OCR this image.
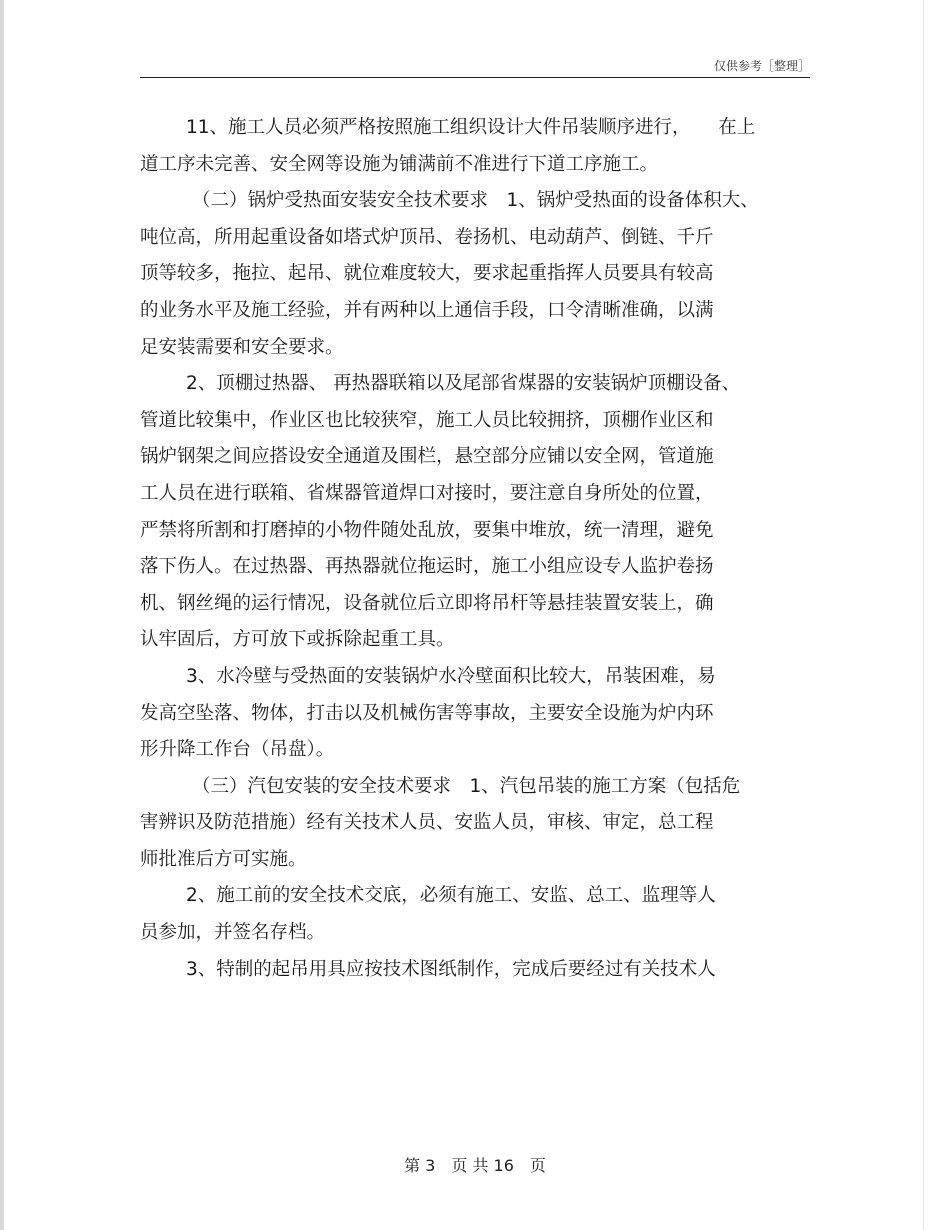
仅供参考［整理］
11、施工人员必须严格按照施工组织设计大件吊装顺序进行，　　在上
道工序未完善、安全网等设施为铺满前不准进行下道工序施工。
（二）锅炉受热面安装安全技术要求　1、锅炉受热面的设备体积大、
吨位高，所用起重设备如塔式炉顶吊、卷扬机、电动葫芦、倒链、千斤
顶等较多，拖拉、起吊、就位难度较大，要求起重指挥人员要具有较高
的业务水平及施工经验，并有两种以上通信手段，口令清晰准确，以满
足安装需要和安全要求。
2、顶棚过热器、 再热器联箱以及尾部省煤器的安装锅炉顶棚设备、
管道比较集中，作业区也比较狭窄，施工人员比较拥挤，顶棚作业区和
锅炉钢架之间应搭设安全通道及围栏，悬空部分应铺以安全网，管道施
工人员在进行联箱、省煤器管道焊口对接时，要注意自身所处的位置，
严禁将所割和打磨掉的小物件随处乱放，要集中堆放，统一清理，避免
落下伤人。在过热器、再热器就位拖运时，施工小组应设专人监护卷扬
机、钢丝绳的运行情况，设备就位后立即将吊杆等悬挂装置安装上，确
认牢固后，方可放下或拆除起重工具。
3、水冷壁与受热面的安装锅炉水冷壁面积比较大，吊装困难，易
发高空坠落、物体，打击以及机械伤害等事故，主要安全设施为炉内环
形升降工作台（吊盘）。
（三）汽包安装的安全技术要求　1、汽包吊装的施工方案（包括危
害辨识及防范措施）经有关技术人员、安监人员，审核、审定，总工程
师批准后方可实施。
2、施工前的安全技术交底，必须有施工、安监、总工、监理等人
员参加，并签名存档。
3、特制的起吊用具应按技术图纸制作，完成后要经过有关技术人
第 3　页 共 16　页
